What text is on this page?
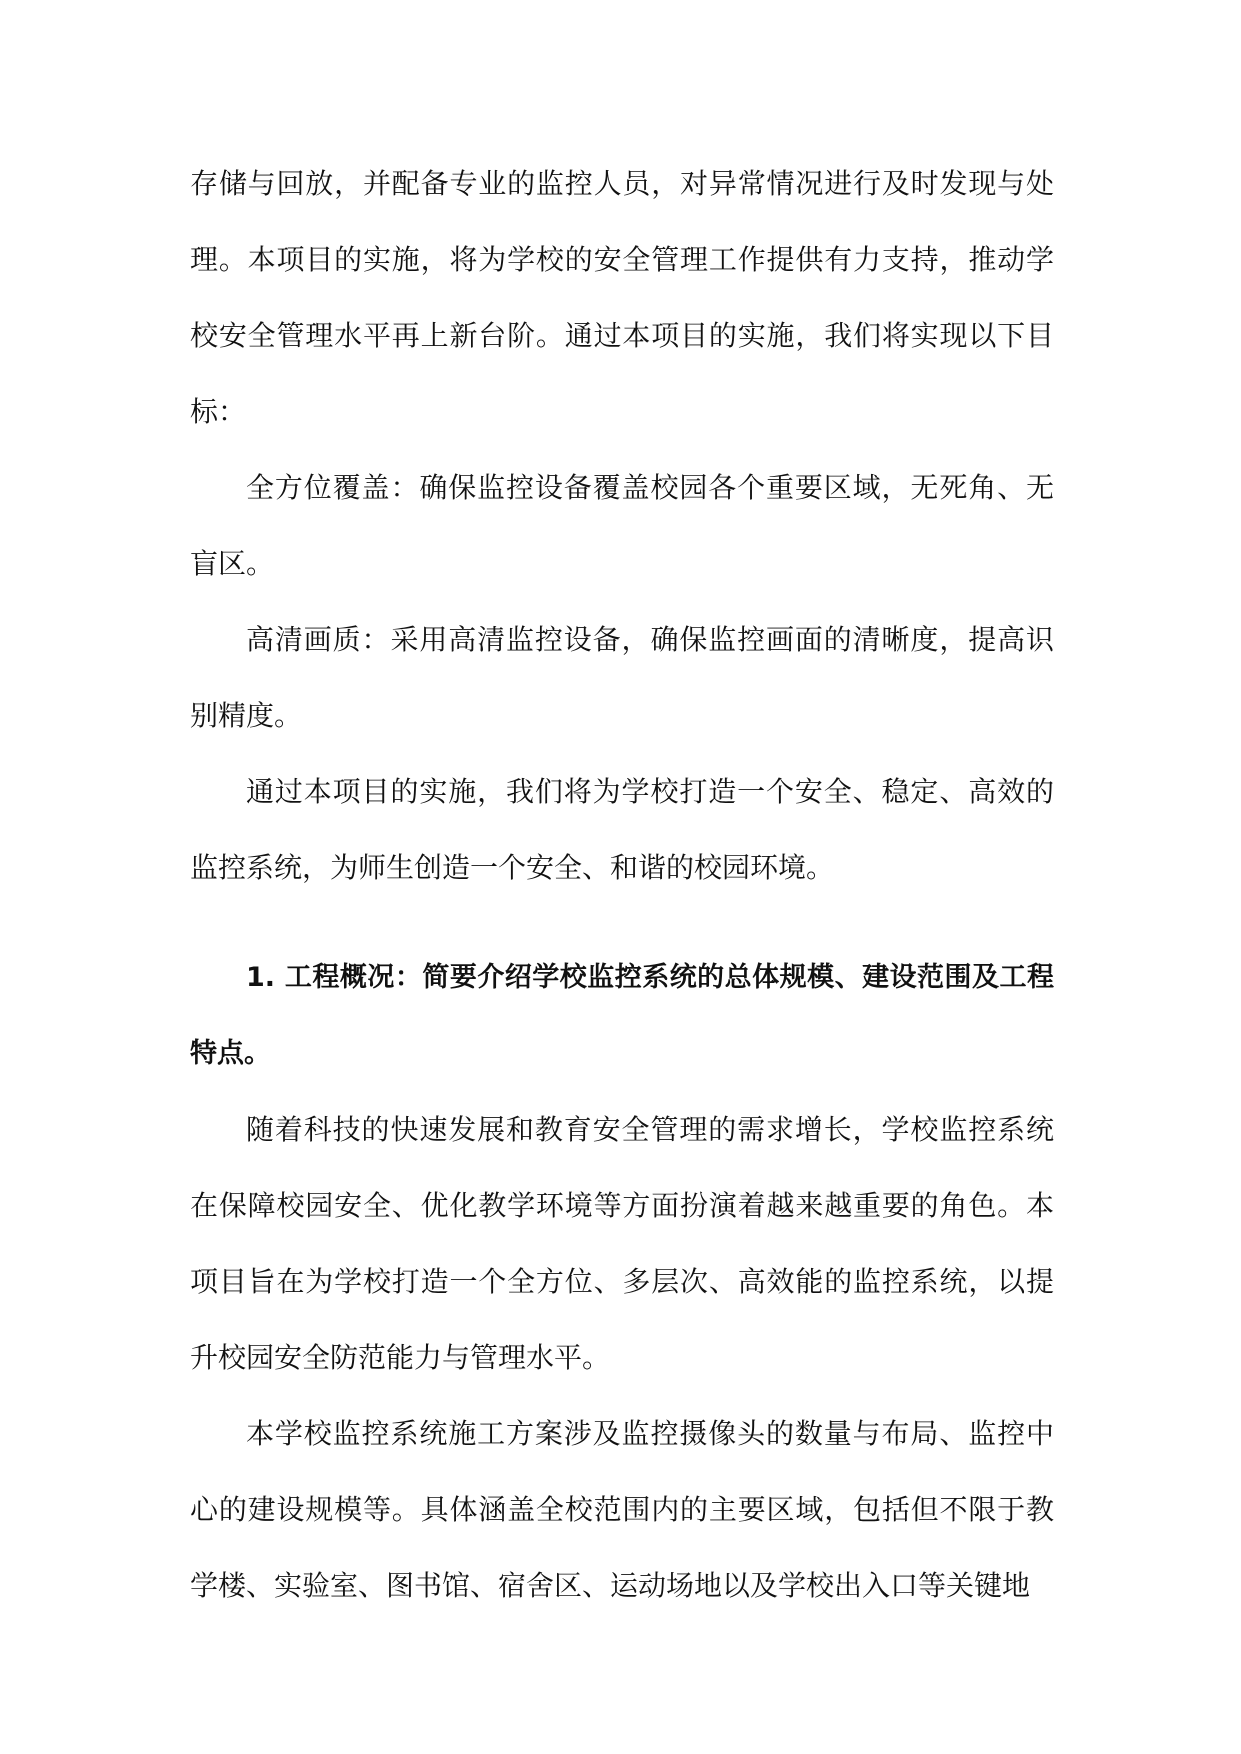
存储与回放，并配备专业的监控人员，对异常情况进行及时发现与处理。本项目的实施，将为学校的安全管理工作提供有力支持，推动学校安全管理水平再上新台阶。通过本项目的实施，我们将实现以下目标：

全方位覆盖：确保监控设备覆盖校园各个重要区域，无死角、无盲区。

高清画质：采用高清监控设备，确保监控画面的清晰度，提高识别精度。

通过本项目的实施，我们将为学校打造一个安全、稳定、高效的监控系统，为师生创造一个安全、和谐的校园环境。

1. 工程概况：简要介绍学校监控系统的总体规模、建设范围及工程特点。

随着科技的快速发展和教育安全管理的需求增长，学校监控系统在保障校园安全、优化教学环境等方面扮演着越来越重要的角色。本项目旨在为学校打造一个全方位、多层次、高效能的监控系统，以提升校园安全防范能力与管理水平。

本学校监控系统施工方案涉及监控摄像头的数量与布局、监控中心的建设规模等。具体涵盖全校范围内的主要区域，包括但不限于教学楼、实验室、图书馆、宿舍区、运动场地以及学校出入口等关键地
